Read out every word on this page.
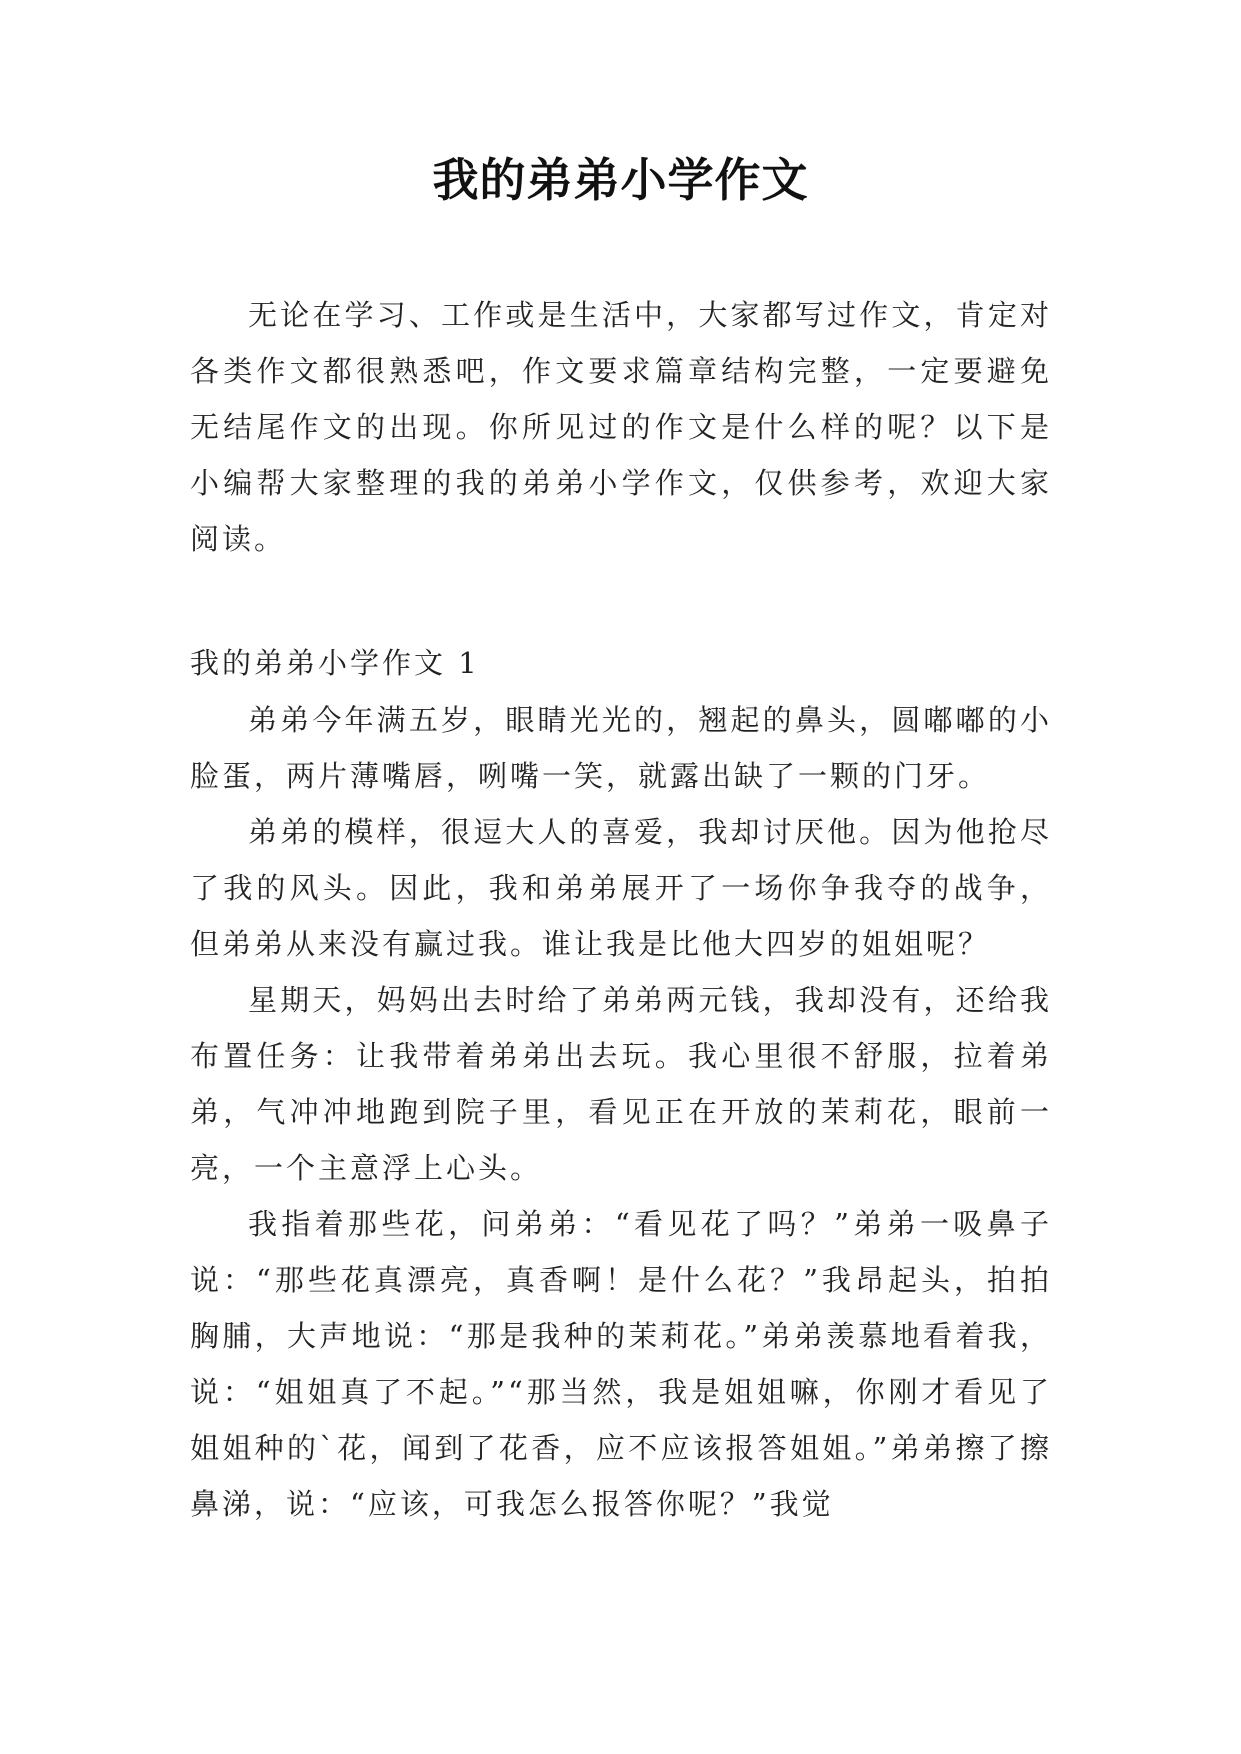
我的弟弟小学作文

无论在学习、工作或是生活中，大家都写过作文，肯定对各类作文都很熟悉吧，作文要求篇章结构完整，一定要避免无结尾作文的出现。你所见过的作文是什么样的呢？以下是小编帮大家整理的我的弟弟小学作文，仅供参考，欢迎大家阅读。

我的弟弟小学作文 1

弟弟今年满五岁，眼睛光光的，翘起的鼻头，圆嘟嘟的小脸蛋，两片薄嘴唇，咧嘴一笑，就露出缺了一颗的门牙。

弟弟的模样，很逗大人的喜爱，我却讨厌他。因为他抢尽了我的风头。因此，我和弟弟展开了一场你争我夺的战争，但弟弟从来没有赢过我。谁让我是比他大四岁的姐姐呢？

星期天，妈妈出去时给了弟弟两元钱，我却没有，还给我布置任务：让我带着弟弟出去玩。我心里很不舒服，拉着弟弟，气冲冲地跑到院子里，看见正在开放的茉莉花，眼前一亮，一个主意浮上心头。

我指着那些花，问弟弟：“看见花了吗？”弟弟一吸鼻子说：“那些花真漂亮，真香啊！是什么花？”我昂起头，拍拍胸脯，大声地说：“那是我种的茉莉花。”弟弟羡慕地看着我，说：“姐姐真了不起。”“那当然，我是姐姐嘛，你刚才看见了姐姐种的`花，闻到了花香，应不应该报答姐姐。”弟弟擦了擦鼻涕，说：“应该，可我怎么报答你呢？”我觉
